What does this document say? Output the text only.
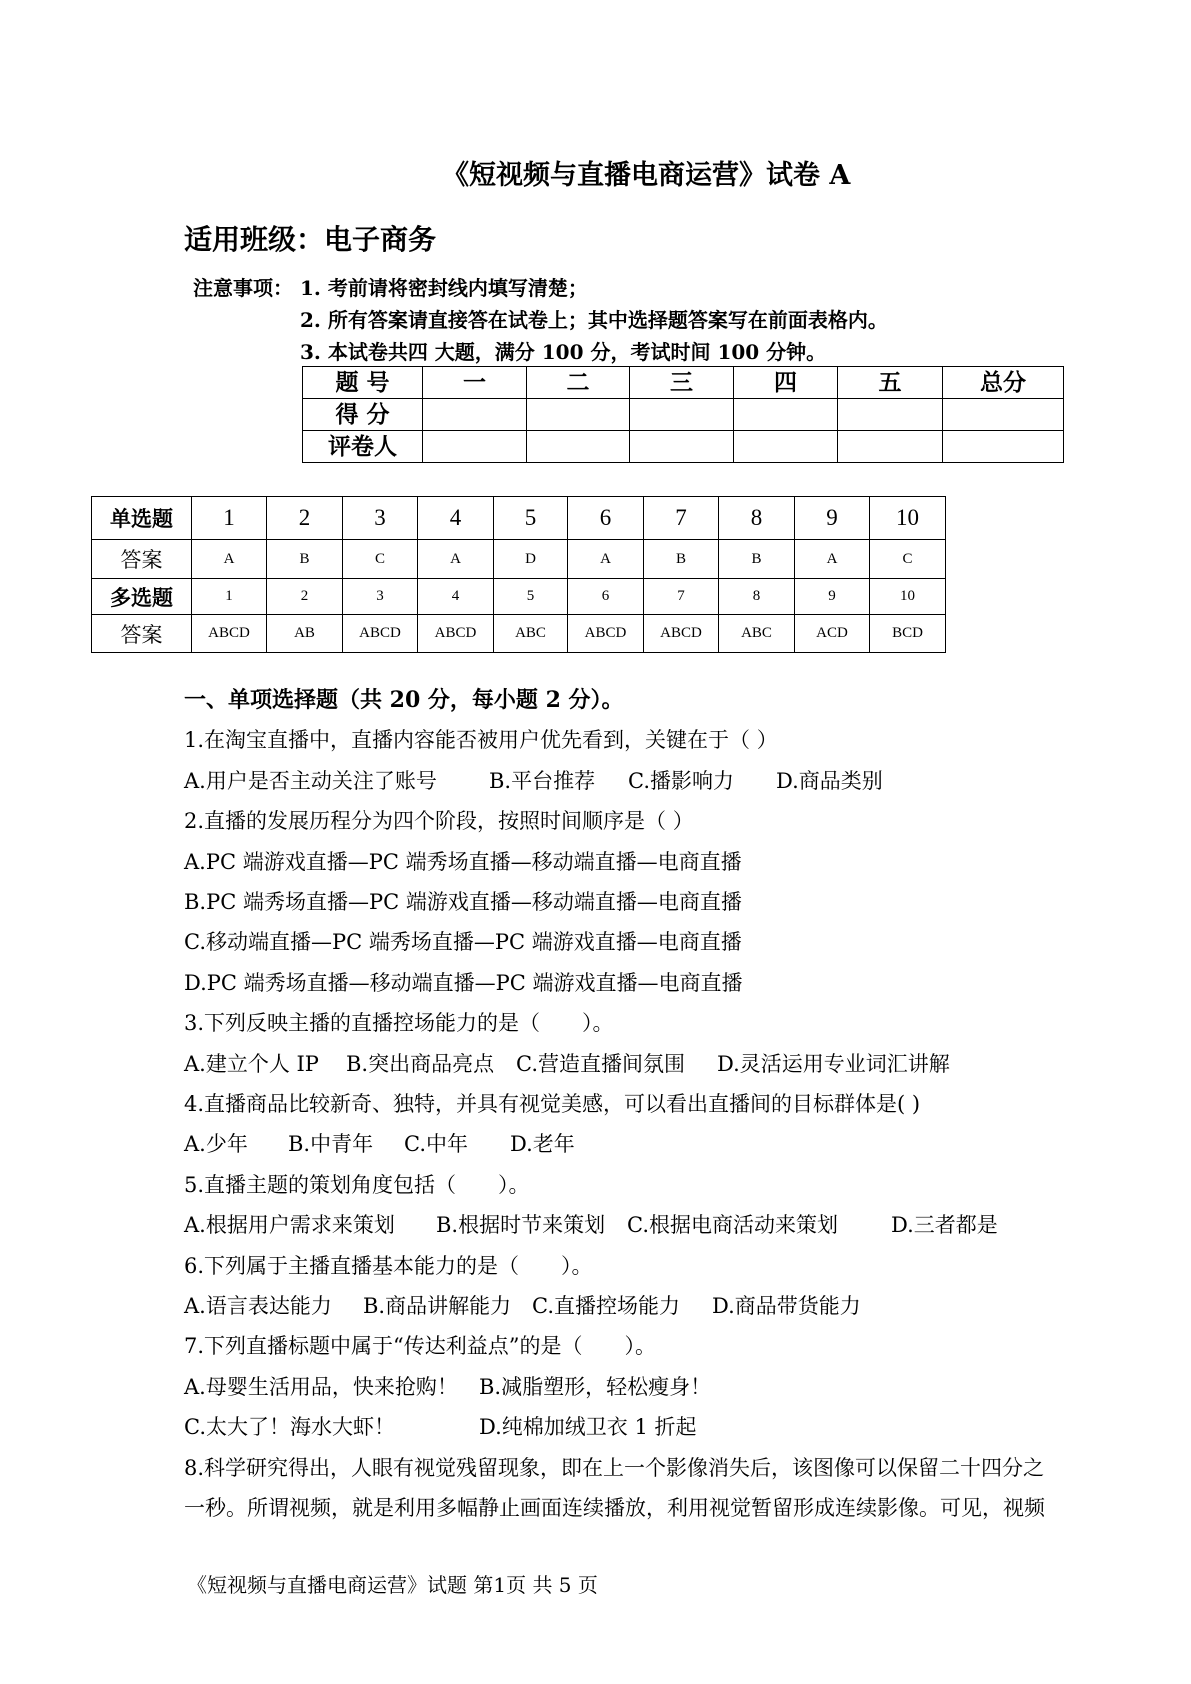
《短视频与直播电商运营》试卷 A
适用班级：电子商务
注意事项： 1. 考前请将密封线内填写清楚；
2. 所有答案请直接答在试卷上；其中选择题答案写在前面表格内。
3. 本试卷共四 大题，满分 100 分，考试时间 100 分钟。
题 号	一	二	三	四	五	总分
得 分						
评卷人						
单选题	1	2	3	4	5	6	7	8	9	10
答案	A	B	C	A	D	A	B	B	A	C
多选题	1	2	3	4	5	6	7	8	9	10
答案	ABCD	AB	ABCD	ABCD	ABC	ABCD	ABCD	ABC	ACD	BCD
一、单项选择题（共 20 分，每小题 2 分）。
1.在淘宝直播中，直播内容能否被用户优先看到，关键在于（ ）
A.用户是否主动关注了账号 B.平台推荐 C.播影响力 D.商品类别
2.直播的发展历程分为四个阶段，按照时间顺序是（ ）
A.PC 端游戏直播—PC 端秀场直播—移动端直播—电商直播
B.PC 端秀场直播—PC 端游戏直播—移动端直播—电商直播
C.移动端直播—PC 端秀场直播—PC 端游戏直播—电商直播
D.PC 端秀场直播—移动端直播—PC 端游戏直播—电商直播
3.下列反映主播的直播控场能力的是（　　）。
A.建立个人 IP B.突出商品亮点 C.营造直播间氛围 D.灵活运用专业词汇讲解
4.直播商品比较新奇、独特，并具有视觉美感，可以看出直播间的目标群体是( )
A.少年 B.中青年 C.中年 D.老年
5.直播主题的策划角度包括（　　）。
A.根据用户需求来策划 B.根据时节来策划 C.根据电商活动来策划	D.三者都是
6.下列属于主播直播基本能力的是（　　）。
A.语言表达能力 B.商品讲解能力 C.直播控场能力 D.商品带货能力
7.下列直播标题中属于“传达利益点”的是（　　）。
A.母婴生活用品，快来抢购！ B.减脂塑形，轻松瘦身！
C.太大了！海水大虾！	D.纯棉加绒卫衣 1 折起
8.科学研究得出，人眼有视觉残留现象，即在上一个影像消失后，该图像可以保留二十四分之
一秒。所谓视频，就是利用多幅静止画面连续播放，利用视觉暂留形成连续影像。可见，视频
《短视频与直播电商运营》试题 第1页 共 5 页
